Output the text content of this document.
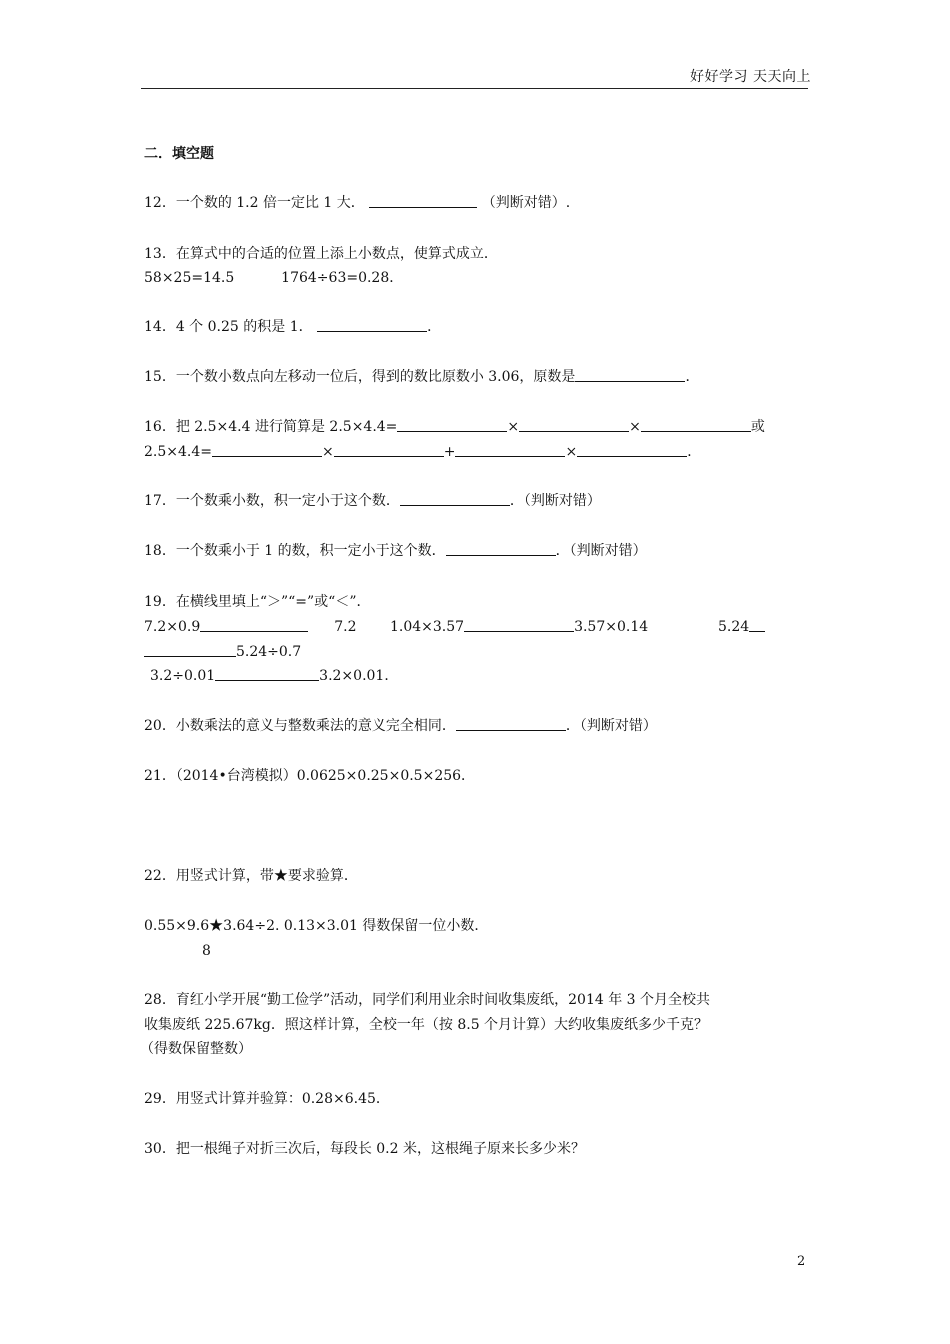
好好学习 天天向上
二．填空题
12．一个数的 1.2 倍一定比 1 大．	（判断对错）.
13．在算式中的合适的位置上添上小数点，使算式成立．
58×25=14.5	1764÷63=0.28．
14．4 个 0.25 的积是 1．	．
15．一个数小数点向左移动一位后，得到的数比原数小 3.06，原数是	．
16．把 2.5×4.4 进行简算是 2.5×4.4=	×	×	或
2.5×4.4=	×	+	×	．
17．一个数乘小数，积一定小于这个数．	．（判断对错）
18．一个数乘小于 1 的数，积一定小于这个数．	．（判断对错）
19．在横线里填上“＞”“=”或“＜”．
7.2×0.9	7.2 1.04×3.57	3.57×0.14	5.24
5.24÷0.7
3.2÷0.01	3.2×0.01．
20．小数乘法的意义与整数乘法的意义完全相同．	．（判断对错）
21．（2014•台湾模拟）0.0625×0.25×0.5×256．
22．用竖式计算，带★要求验算．
0.55×9.6★3.64÷2. 0.13×3.01 得数保留一位小数．
8
28．育红小学开展“勤工俭学”活动，同学们利用业余时间收集废纸，2014 年 3 个月全校共
收集废纸 225.67kg．照这样计算，全校一年（按 8.5 个月计算）大约收集废纸多少千克？
（得数保留整数）
29．用竖式计算并验算：0.28×6.45．
30．把一根绳子对折三次后，每段长 0.2 米，这根绳子原来长多少米？
2
